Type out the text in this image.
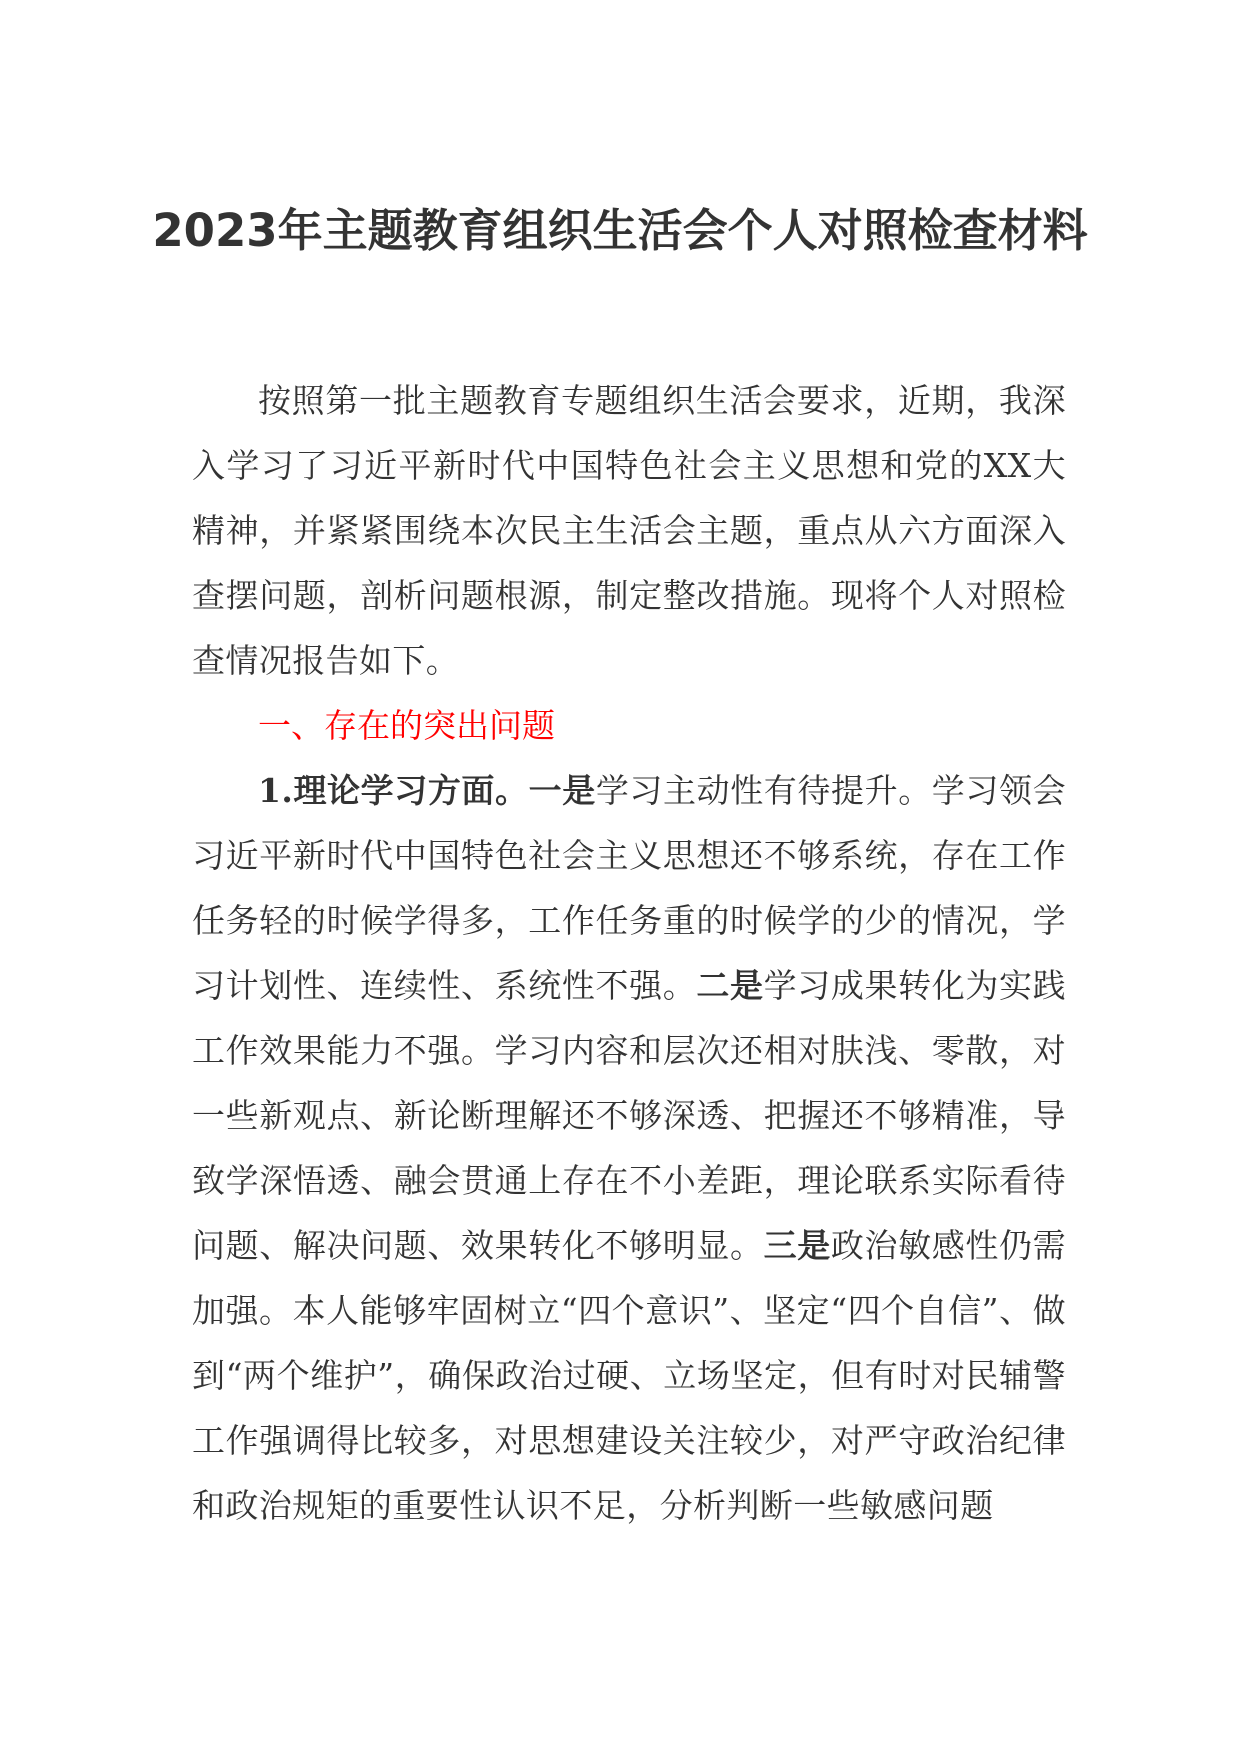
2023年主题教育组织生活会个人对照检查材料

按照第一批主题教育专题组织生活会要求，近期，我深入学习了习近平新时代中国特色社会主义思想和党的XX大精神，并紧紧围绕本次民主生活会主题，重点从六方面深入查摆问题，剖析问题根源，制定整改措施。现将个人对照检查情况报告如下。

一、存在的突出问题

1.理论学习方面。一是学习主动性有待提升。学习领会习近平新时代中国特色社会主义思想还不够系统，存在工作任务轻的时候学得多，工作任务重的时候学的少的情况，学习计划性、连续性、系统性不强。二是学习成果转化为实践工作效果能力不强。学习内容和层次还相对肤浅、零散，对一些新观点、新论断理解还不够深透、把握还不够精准，导致学深悟透、融会贯通上存在不小差距，理论联系实际看待问题、解决问题、效果转化不够明显。三是政治敏感性仍需加强。本人能够牢固树立“四个意识”、坚定“四个自信”、做到“两个维护”，确保政治过硬、立场坚定，但有时对民辅警工作强调得比较多，对思想建设关注较少，对严守政治纪律和政治规矩的重要性认识不足，分析判断一些敏感问题
